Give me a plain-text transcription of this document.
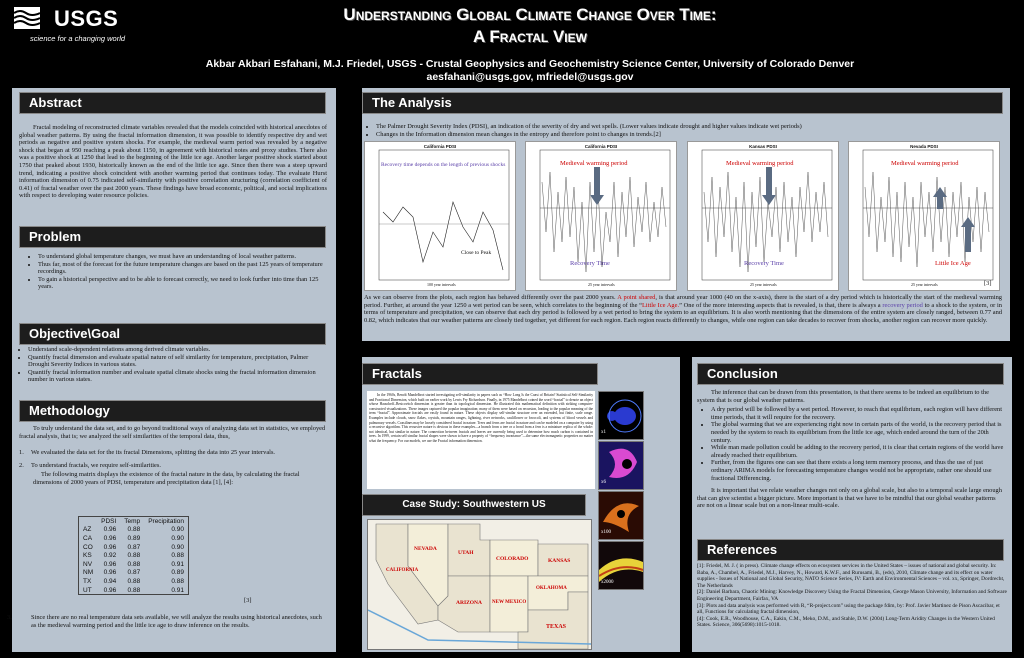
USGS
science for a changing world
Understanding Global Climate Change Over Time:
A Fractal View
Akbar Akbari Esfahani, M.J. Friedel, USGS - Crustal Geophysics and Geochemistry Science Center, University of Colorado Denver
aesfahani@usgs.gov, mfriedel@usgs.gov
Abstract

Fractal modeling of reconstructed climate variables revealed that the models coincided with historical anecdotes of global weather patterns. By using the fractal information dimension, it was possible to identify respective dry and wet periods as negative and positive system shocks. For example, the medieval warm period was revealed by a negative shock that began at 950 reaching a peak about 1150, in agreement with historical notes and proxy studies. There also was a positive shock at 1250 that lead to the beginning of the little ice age. Another larger positive shock started about 1750 that peaked about 1930, historically known as the end of the little ice age. Since then there was a steep upward trend, indicating a positive shock coincident with another warming period that continues today. The evaluate Hurst information dimension of 0.75 indicated self-similarity with positive correlation structuring (correlation coefficient of 0.41) of fractal weather over the past 2000 years. These findings have broad economic, political, and social implications with respect to developing water resource policies.

Problem
• To understand global temperature changes, we must have an understanding of local weather patterns.
• Thus far, most of the forecast for the future temperature changes are based on the past 125 years of temperature recordings.
• To gain a historical perspective and to be able to forecast correctly, we need to look further into time than 125 years.
Objective\Goal
• Understand scale-dependent relations among derived climate variables.
• Quantify fractal dimension and evaluate spatial nature of self similarity for temperature, precipitation, Palmer Drought Severity Indices in various states.
• Quantify fractal information number and evaluate spatial climate shocks using the fractal information dimension number in various states.
Methodology

To truly understand the data set, and to go beyond traditional ways of analyzing data set in statistics, we employed fractal analysis, that is; we analyzed the self similarities of the temporal data, thus,

1. We evaluated the data set for the its fractal Dimensions, splitting the data into 25 year intervals.

2. To understand fractals, we require self-similarities.

The following matrix displays the existence of the fractal nature in the data, by calculating the fractal dimensions of 2000 years of PDSI, temperature and precipitation data [1], [4]:

	PDSI	Temp	Precipitation
AZ	0.96	0.88	0.90
CA	0.96	0.89	0.90
CO	0.96	0.87	0.90
KS	0.92	0.88	0.88
NV	0.96	0.88	0.91
NM	0.96	0.87	0.89
TX	0.94	0.88	0.88
UT	0.96	0.88	0.91
[3]

3.	Since there are no real temperature data sets available, we will analyze the results using historical anecdotes, such as the medieval warming period and the little ice age to draw inference on the results.

The Analysis
• The Palmer Drought Severity Index (PDSI), an indication of the severity of dry and wet spells. (Lower values indicate drought and higher values indicate wet periods)
• Changes in the Information dimension mean changes in the entropy and therefore point to changes in trends.[2]
California PDSI
Recovery time depends on the length of previous shocks
Close to Peak
100 year intervals
California PDSI
Medieval warming period
Recovery Time
25 year intervals
Kansas PDSI
Medieval warming period
Recovery Time
25 year intervals
Nevada PDSI
Medieval warming period
Little Ice Age
25 year intervals	[3]

As we can observe from the plots, each region has behaved differently over the past 2000 years. A point shared, is that around year 1000 (40 on the x-axis), there is the start of a dry period which is historically the start of the medieval warming period. Further, at around the year 1250 a wet period can be seen, which correlates to the beginning of the “Little Ice Age.” One of the more interesting aspects that is revealed, is that, there is always a recovery period to a shock to the system, or in terms of temperature and precipitation, we can observe that each dry period is followed by a wet period to bring the system to an equilibrium. It is also worth mentioning that the dimensions of the entire system are closely ranged, between 0.77 and 0.82, which indicates that our weather patterns are closely tied together, yet different for each region. Each region reacts differently to changes, while one region can take decades to recover from shocks, another region can recover more quickly.

Fractals

In the 1960s, Benoît Mandelbrot started investigating self-similarity in papers such as “How Long Is the Coast of Britain? Statistical Self-Similarity and Fractional Dimension, which built on earlier work by Lewis Fry Richardson. Finally, in 1975 Mandelbrot coined the word “fractal” to denote an object whose Hausdorff–Besicovitch dimension is greater than its topological dimension. He illustrated this mathematical definition with striking computer-constructed visualizations. These images captured the popular imagination; many of them were based on recursion, leading to the popular meaning of the term “fractal”. Approximate fractals are easily found in nature. These objects display self-similar structure over an extended, but finite, scale range. Examples include clouds, snow flakes, crystals, mountain ranges, lightning, river networks, cauliflower or broccoli, and systems of blood vessels and pulmonary vessels. Coastlines may be loosely considered fractal in nature. Trees and ferns are fractal in nature and can be modeled on a computer by using a recursive algorithm. This recursive nature is obvious in these examples—a branch from a tree or a frond from a fern is a miniature replica of the whole: not identical, but similar in nature. The connection between fractals and leaves are currently being used to determine how much carbon is contained in trees. In 1999, certain self similar fractal shapes were shown to have a property of “frequency invariance”—the same electromagnetic properties no matter what the frequency. For our models, we use the Fractal information dimension.

x1
x6
x100
x2000
Case Study: Southwestern US
CALIFORNIA
NEVADA
UTAH
COLORADO	KANSAS
ARIZONA NEW MEXICO
OKLAHOMA
TEXAS
Conclusion

The inference that can be drawn from this presentation, is that there seems to be indeed an equilibrium to the system that is our global weather patterns.

• A dry period will be followed by a wet period. However, to reach that equilibrium, each region will have different time periods, that it will require for the recovery.
• The global warming that we are experiencing right now in certain parts of the world, is the recovery period that is needed by the system to reach its equilibrium from the little ice age, which ended around the turn of the 20th century.
• While man made pollution could be adding to the recovery period, it is clear that certain regions of the world have already reached their equilibrium.
• Further, from the figures one can see that there exists a long term memory process, and thus the use of just ordinary ARIMA models for forecasting temperature changes would not be appropriate, rather one should use fractional Differencing.

It is important that we relate weather changes not only on a global scale, but also to a temporal scale large enough that can give scientist a bigger picture. More important is that we have to be mindful that our global weather patterns are not on a linear scale but on a non-linear multi-scale.

References

[1]: Friedel, M. J. ( in press). Climate change effects on ecosystem services in the United States – issues of national and global security. In: Baba, A., Chambel, A., Friedel, M.J., Harvey, N., Howard, K.W.F., and Rurusami, B., (eds), 2010, Climate change and its effect on water supplies - Issues of National and Global Security, NATO Science Series, IV: Earth and Environmental Sciences – vol. xx, Springer, Dordrecht, The Netherlands

[2]: Daniel Barbara, Chaotic Mining: Knowledge Discovery Using the Fractal Dimension, George Mason University, Information and Software Engineering Department, Fairfax, VA

[3]: Plots and data analysis was performed with R, “R-project.com” using the package fdim, by: Prof. Javier Martinez de Pison Ascacibar, et all, Functions for calculating fractal dimension,

[4]: Cook, E.R., Woodhouse, C.A., Eakin, C.M., Meko, D.M., and Stahle, D.W. (2004) Long-Term Aridity Changes in the Western United States. Science, 306(5698):1015-1018.
